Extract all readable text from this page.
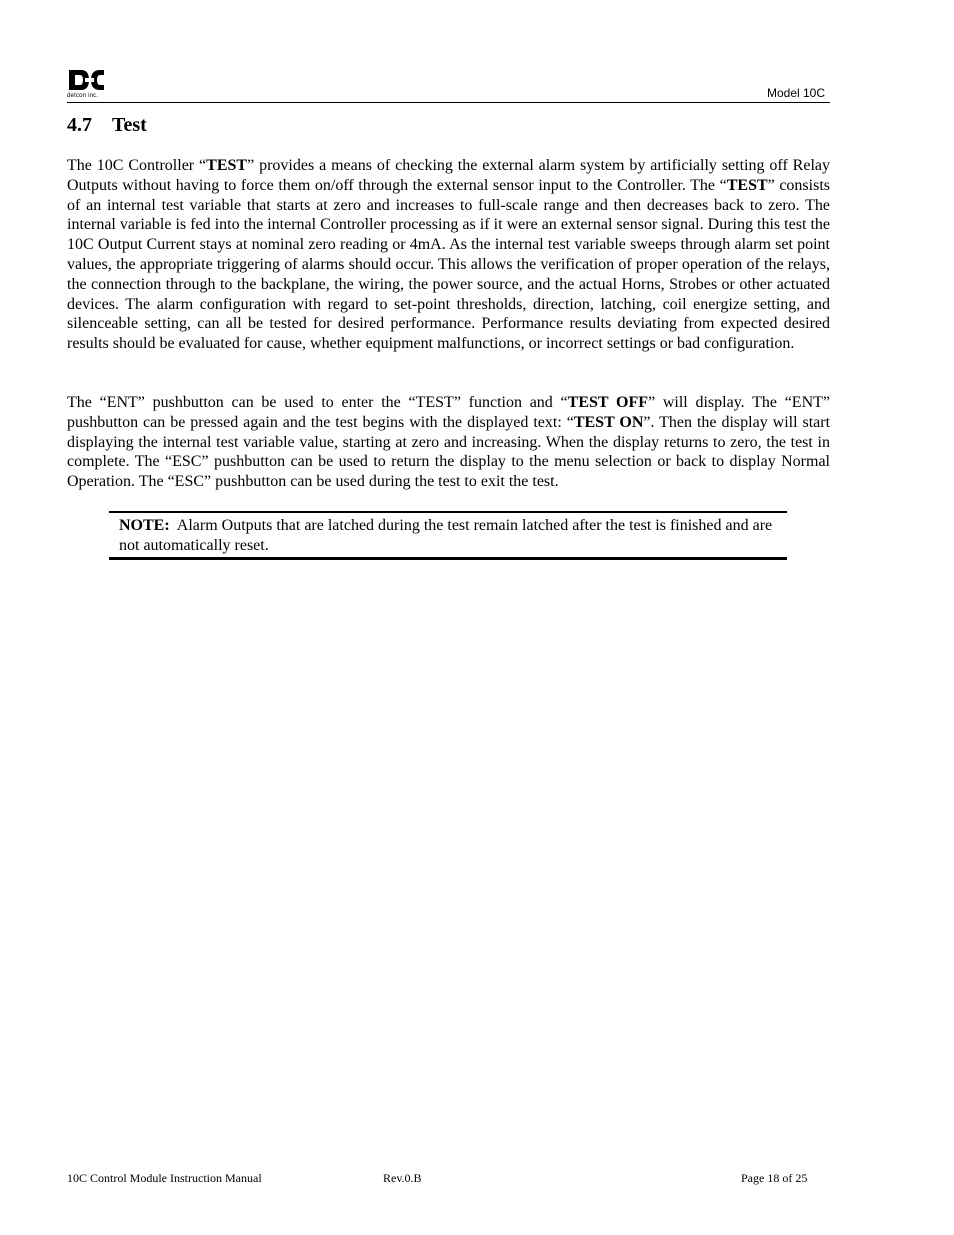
detcon inc.	Model 10C
4.7 Test

The 10C Controller “TEST” provides a means of checking the external alarm system by artificially setting off Relay Outputs without having to force them on/off through the external sensor input to the Controller. The “TEST” consists of an internal test variable that starts at zero and increases to full-scale range and then decreases back to zero. The internal variable is fed into the internal Controller processing as if it were an external sensor signal. During this test the 10C Output Current stays at nominal zero reading or 4mA. As the internal test variable sweeps through alarm set point values, the appropriate triggering of alarms should occur. This allows the verification of proper operation of the relays, the connection through to the backplane, the wiring, the power source, and the actual Horns, Strobes or other actuated devices. The alarm configuration with regard to set-point thresholds, direction, latching, coil energize setting, and silenceable setting, can all be tested for desired performance. Performance results deviating from expected desired results should be evaluated for cause, whether equipment malfunctions, or incorrect settings or bad configuration.

The “ENT” pushbutton can be used to enter the “TEST” function and “TEST OFF” will display. The “ENT” pushbutton can be pressed again and the test begins with the displayed text: “TEST ON”. Then the display will start displaying the internal test variable value, starting at zero and increasing. When the display returns to zero, the test in complete. The “ESC” pushbutton can be used to return the display to the menu selection or back to display Normal Operation. The “ESC” pushbutton can be used during the test to exit the test.

NOTE:  Alarm Outputs that are latched during the test remain latched after the test is finished and are not automatically reset.
10C Control Module Instruction Manual	Rev.0.B	Page 18 of 25
